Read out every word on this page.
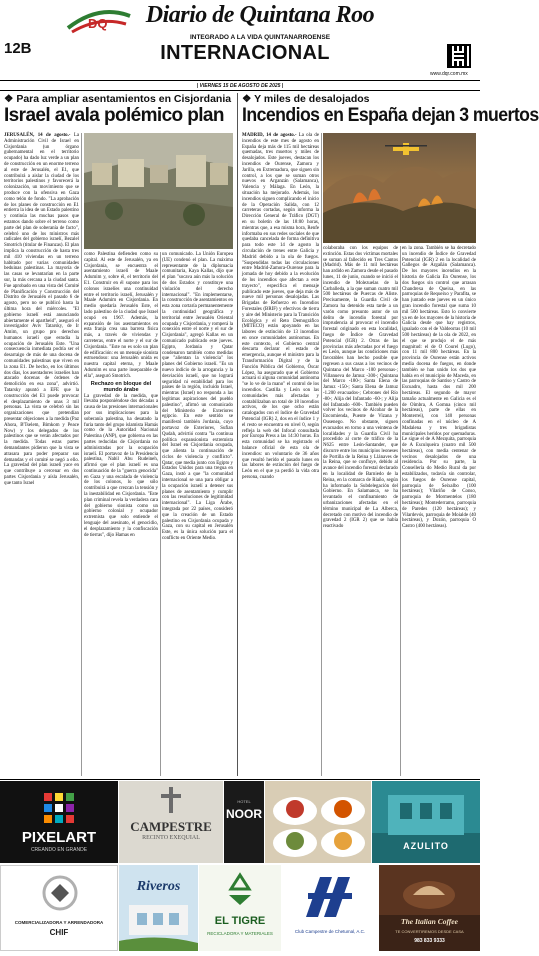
12B
DQ	Diario de Quintana Roo
INTEGRADO A LA VIDA QUINTANARROENSE
INTERNACIONAL
www.dqr.com.mx
| VIERNES 15 DE AGOSTO DE 2025 |
❖ Para ampliar asentamientos en Cisjordania
Israel avala polémico plan
JERUSALÉN, 14 de agosto.- La Administración Civil de Israel en Cisjordania (un órgano gubernamental en el territorio ocupado) ha dado luz verde a un plan de construcción en un enorme terreno al este de Jerusalén, el E1, que contribuirá a aislar la ciudad de los territorios palestinos y favorecerá la colonización, un movimiento que se produce con la ofensiva en Gaza como telón de fondo. "La aprobación de los planes de construcción en E1 entierra la idea de un Estado palestino y continúa las muchas pasos que estamos dando sobre el terreno como parte del plan de soberanía de facto", celebró uno de los ministros más radicales del gobierno israelí, Bezalel Smotrich (titular de Finanzas). El plan implica la construcción de hasta tres mil 410 viviendas en un terreno habitado por varias comunidades beduinas palestinas. La mayoría de las casas se levantarían en la parte sur, la más cercana a la ciudad santa. Fue aprobado en una vista del Comité de Planificación y Construcción del Distrito de Jerusalén el pasado 6 de agosto, pero no se publicó hasta la última hora del miércoles. "El gobierno israelí está anunciando abiertamente el apartheid", aseguró el investigador Aviv Tatarsky, de Ir Amim, un grupo pro derechos humanos israelí que estudia la ocupación de Jerusalén Este. "Una consecuencia inmediata podría ser el desarraigo de más de una docena de comunidades palestinas que viven en la zona E1. De hecho, en los últimos dos días, los asentadores israelíes han atacado docenas de órdenes de demolición en esa zona", advirtió. Tatarsky apuntó a EFE que la construcción del E1 puede provocar el desplazamiento de unas 3 mil personas. La vista se celebró sin las organizaciones que pretendían presentar objeciones a la medida (Paz Ahora, B'Tselem, Bimkom y Peace Now) y los delegados de los palestinos que se verán afectados por la medida. Todas estas partes demandantes pidieron que la vista se atrasara para poder preparar sus demandas y el comité se negó a ello. La gravedad del plan israelí yace en que contribuye a cercenar en dos partes Cisjordania y aísla Jerusalén, que tanto Israel
como Palestina defienden como su capital. Al este de Jerusalén, ya en Cisjordania, se encuentra el asentamiento israelí de Maale Adumim y, sobre él, el territorio del E1. Construir en él supone para los colonos israelíes una continuidad entre el territorio israelí, Jerusalén y Maale Adumim en Cisjordania. En medio quedaría Jerusalén Este, el lado palestino de la ciudad que Israel ocupó en 1967. Además, la expansión de los asentamientos en esta franja crea una barrera física más, a través de viviendas y carreteras, entre el norte y el sur de Cisjordania. "Este no es solo un plan de edificación: es un mensaje sionista estruendoso: una Jerusalén unida es nuestra capital eterna, y Maale Adumim es una parte inseparable de ella", aseguró Smotrich.
Rechazo en bloque del mundo árabe
La gravedad de la medida, que llevaba posponiéndose dos décadas a causa de las presiones internacionales por sus implicaciones para la soberanía palestina, ha desatado la furia tanto del grupo islamista Hamás como de la Autoridad Nacional Palestina (ANP), que gobierna en las partes reducidas de Cisjordania no administradas por la ocupación israelí. El portavoz de la Presidencia palestina, Nabil Abu Rudeineh, afirmó que el plan israelí es una continuación de la "guerra genocida" en Gaza y una escalada de violencia de los colonos, lo que sólo contribuirá a que crezcan la tensión y la inestabilidad en Cisjordania. "Este plan criminal revela la verdadera cara del gobierno sionista como un gobierno colonial y ocupador extremista que solo entiende el lenguaje del asesinato, el genocidio, el desplazamiento y la confiscación de tierras", dijo Hamas en
un comunicado. La Unión Europea (UE) condenó el plan. La máxima representante de la diplomacia comunitaria, Kaya Kallas, dijo que el plan "socava aún más la solución de dos Estados y constituye una violación del derecho internacional". "En implementarse, la construcción de asentamientos en esta zona cortaría permanentemente la continuidad geográfica y territorial entre Jerusalén Oriental ocupada y Cisjordania, y romperá la conexión entre el norte y el sur de Cisjordania", agregó Kallas en un comunicado publicado este jueves. Egipto, Jordania y Qatar condenaron también como medidas que "alientan la violencia" los planes del Gobierno israelí. "Es un nuevo indicio de la arrogancia y la desviación israelí, que no logrará seguridad ni estabilidad para los países de la región, incluido Israel, mientras (Israel) no responda a las legítimas aspiraciones del pueblo palestino", afirmó un comunicado del Ministerio de Exteriores egipcio. En este sentido se manifestó también Jordania, cuyo portavoz de Exteriores, Sufian Qudah, advirtió contra "la continua política expansionista extremista del Israel en Cisjordania ocupada, que alienta la continuación de ciclos de violencia y conflicto". Qatar, que media junto con Egipto y Estados Unidos para una tregua en Gaza, instó a que "la comunidad internacional se una para obligar a la ocupación israelí a detener sus planes de asentamiento y cumplir con las resoluciones de legitimidad internacional". La Liga Árabe, integrada por 22 países, consideró que la creación de un Estado palestino en Cisjordania ocupada y Gaza, con su capital en Jerusalén Este, es la única solución para el conflicto en Oriente Medio.
❖ Y miles de desalojados
Incendios en España dejan 3 muertos
MADRID, 14 de agosto.- La ola de incendios de este mes de agosto en España deja más de 115 mil hectáreas quemadas, tres muertos y miles de desalojados. Este jueves, destacan los incendios de Ourense, Zamora y Jarilla, en Extremadura, que siguen sin control, a los que se suman otros nuevos en Arganzán (Salamanca), Valencia y Málaga. En León, la situación ha mejorado. Además, los incendios siguen complicando el inicio de la Operación Salida, con 12 carreteras cortadas, según informa la Dirección General de Tráfico (DGT) en su boletín de las 18:00 horas, mientras que, a esa misma hora, Renfe informaba en sus redes sociales de que quedaba cancelada de forma definitiva para todo este 14 de agosto la circulación de trenes entre Galicia y Madrid debido a la ola de fuegos. "Suspendidas todas las circulaciones entre Madrid-Zamora-Ourense para la jornada de hoy debido a la evolución de los incendios que afectan a este trayecto", especifica el mensaje publicado este jueves, que deja más de nueve mil personas desalojadas. Las Brigadas de Refuerzo en Incendios Forestales (BRIF) y efectivos de tierra y aire del Ministerio para la Transición Ecológica y el Reto Demográfico (MITECO) están apoyando en las labores de extinción de 13 incendios en once comunidades autónomas. En este contexto, el Gobierno central descarta declarar el estado de emergencia, aunque el ministro para la Transformación Digital y de la Función Pública del Gobierno, Óscar López, ha asegurado que el Gobierno actuará si alguna comunidad autónoma "se lo ve de la mano" el control de los incendios. Castilla y León son las comunidades más afectadas y contabilizaban un total de 18 incendios activos, de los que ocho están catalogados con el índice de Gravedad Potencial (IGR) 2, dos en el índice 1 y el resto se encuentra en nivel 0, según refleja la web del Infocal consultada por Europa Press a las 14:30 horas. En esta comunidad se ha registrado el balance oficial de esta ola de incendios: un voluntario de 36 años que resultó herido el pasado lunes en las labores de extinción del fuego de León en el que ya perdió la vida otra persona, cuando
colaboraba con los equipos de extinción. Estas dos víctimas mortales se suman al fallecido en Tres Cantos (Madrid). Más de 11 mil hectáreas han ardido en Zamora desde el pasado lunes, 11 de junio, cuando se inició el incendio de Molezuelas de la Carballeda, a la que suman cuatro mil 500 hectáreas de Puercas de Aliste. Precisamente, la Guardia Civil de Zamora ha detenido esta tarde a un varón como presunto autor de un delito de incendio forestal por imprudencia al provocar el incendio forestal originado en esta localidad, fuego de Índice de Gravedad Potencial (IGR) 2. Otras de las provincias más afectadas por el fuego es León, aunque las condiciones más favorables han hecho posible que regresen a sus casas a los vecinos de Quintana del Marco -100 personas-; Villanueva de Jamuz -300-; Quintana del Marco -180-; Santa Elena de Jamuz -150-; Santa Elena de Jamuz -1.200 evacuados-; Cebrones del Río -80-; Alija del Infantado -60-; y Alija del Infantado -600-. También pueden volver los vecinos de Alcobar de la Encomienda, Puente de Vizana y Ousenego. No obstante, siguen evacuados en torno a una veintena de localidades y la Guardia Civil ha procedido al corte de tráfico de la N625 entre León-Santander, que discurre entre los municipios leoneses de Portilla de la Reina y Llánaves de la Reina, que se confluye, debido al avance del incendio forestal declarado en la localidad de Barniedo de la Reina, en la comarca de Riaño, según ha informado la Subdelegación del Gobierno. En Salamanca, se ha levantado el confinamiento de urbanizaciones afectadas en el término municipal de La Alberca, decretado con motivo del incendio de gravedad 2 (IGR 2) que se había reactivado
en la zona. También se ha decretado un incendio de Índice de Gravedad Potencial (IGR) 2 en la localidad de Gallegos de Argañán (Salamanca). De los mayores incendios en la historia de Galicia En Ourense, los dos fuegos sin control que arrasan Chandrexa de Queixa, en las parroquias de Requeixo y Parafita, se han juntado este jueves en un único gran incendio forestal que suma 10 mil 500 hectáreas. Esto lo convierte ya en de los mayores de la historia de Galicia desde que hay registros, igualado con el de Valdeorras (10 mil 500 hectáreas) de la ola de 2022, en el que se produjo el de más magnitud: el de O Courel (Lugo), con 11 mil 800 hectáreas. En la provincia de Ourense están activos media docena de fuegos, en donde también se han unido los dos que había en el municipio de Maceda, en las parroquias de Santiso y Castro de Escuadro, hasta dos mil 200 hectáreas. El segundo de mayor tamaño actualmente en Galicia es el de Oímbra, A Gomna (cinco mil hectáreas), parte de ellas en Monterrei), con 140 personas confinadas en el núcleo de A Madalena y tres brigadistas municipales heridos por quemaduras. Le sigue el de A Mezquita, parroquia de A Esculqueira (cuatro mil 500 hectáreas), con media centenar de vecinos desalojados de una residencia. Por su parte, la Consellería do Medio Rural da por estabilizados, todavía sin controlar, los fuegos de Ourense capital, parroquia de Seixalbo (100 hectáreas); Vilariño de Conso, parroquia de Mormentelos (180 hectáreas); Montederramo, parroquia de Paredes (120 hectáreas); y Vilardevós, parroquia de Moialde (40 hectáreas), y Dozón, parroquia O Castro (400 hectáreas).
PIXELART
CREANDO EN GRANDE
CAMPESTRE
RECINTO EXEQUIAL
HOTEL
NOOR
AZULITO
COMERCIALIZADORA Y ARRENDADORA
CHIF
Riveros
EL TIGRE
RECICLADORA Y MATERIALES	Club Campestre de Chetumal, A.C.
The Italian Coffee
TE CONVERTIREMOS DESDE CASA
983 833 9333
